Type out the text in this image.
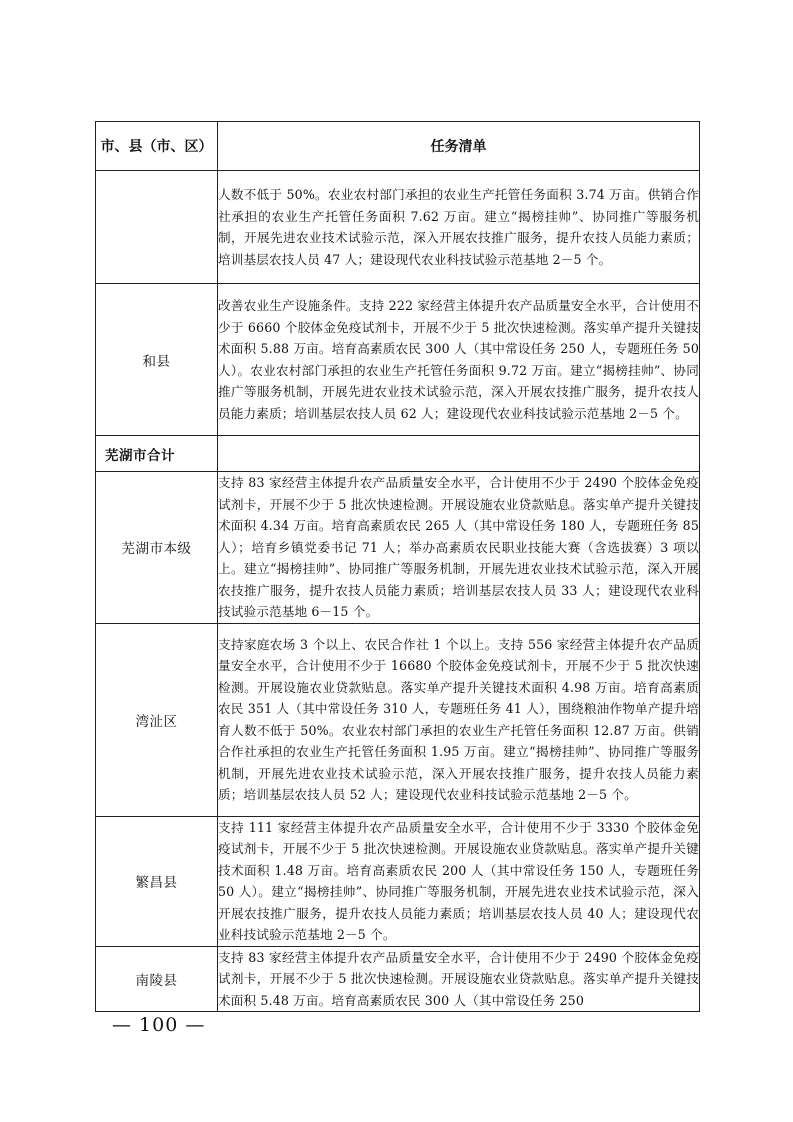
市、县（市、区）	任务清单
	人数不低于 50%。农业农村部门承担的农业生产托管任务面积 3.74 万亩。供销合作社承担的农业生产托管任务面积 7.62 万亩。建立“揭榜挂帅”、协同推广等服务机制，开展先进农业技术试验示范，深入开展农技推广服务，提升农技人员能力素质；培训基层农技人员 47 人；建设现代农业科技试验示范基地 2－5 个。
和县	改善农业生产设施条件。支持 222 家经营主体提升农产品质量安全水平，合计使用不少于 6660 个胶体金免疫试剂卡，开展不少于 5 批次快速检测。落实单产提升关键技术面积 5.88 万亩。培育高素质农民 300 人（其中常设任务 250 人，专题班任务 50 人）。农业农村部门承担的农业生产托管任务面积 9.72 万亩。建立“揭榜挂帅”、协同推广等服务机制，开展先进农业技术试验示范，深入开展农技推广服务，提升农技人员能力素质；培训基层农技人员 62 人；建设现代农业科技试验示范基地 2－5 个。
芜湖市合计	
芜湖市本级	支持 83 家经营主体提升农产品质量安全水平，合计使用不少于 2490 个胶体金免疫试剂卡，开展不少于 5 批次快速检测。开展设施农业贷款贴息。落实单产提升关键技术面积 4.34 万亩。培育高素质农民 265 人（其中常设任务 180 人，专题班任务 85 人）；培育乡镇党委书记 71 人；举办高素质农民职业技能大赛（含选拔赛）3 项以上。建立“揭榜挂帅”、协同推广等服务机制，开展先进农业技术试验示范，深入开展农技推广服务，提升农技人员能力素质；培训基层农技人员 33 人；建设现代农业科技试验示范基地 6－15 个。
湾沚区	支持家庭农场 3 个以上、农民合作社 1 个以上。支持 556 家经营主体提升农产品质量安全水平，合计使用不少于 16680 个胶体金免疫试剂卡，开展不少于 5 批次快速检测。开展设施农业贷款贴息。落实单产提升关键技术面积 4.98 万亩。培育高素质农民 351 人（其中常设任务 310 人，专题班任务 41 人），围绕粮油作物单产提升培育人数不低于 50%。农业农村部门承担的农业生产托管任务面积 12.87 万亩。供销合作社承担的农业生产托管任务面积 1.95 万亩。建立“揭榜挂帅”、协同推广等服务机制，开展先进农业技术试验示范，深入开展农技推广服务，提升农技人员能力素质；培训基层农技人员 52 人；建设现代农业科技试验示范基地 2－5 个。
繁昌县	支持 111 家经营主体提升农产品质量安全水平，合计使用不少于 3330 个胶体金免疫试剂卡，开展不少于 5 批次快速检测。开展设施农业贷款贴息。落实单产提升关键技术面积 1.48 万亩。培育高素质农民 200 人（其中常设任务 150 人，专题班任务 50 人）。建立“揭榜挂帅”、协同推广等服务机制，开展先进农业技术试验示范，深入开展农技推广服务，提升农技人员能力素质；培训基层农技人员 40 人；建设现代农业科技试验示范基地 2－5 个。
南陵县	支持 83 家经营主体提升农产品质量安全水平，合计使用不少于 2490 个胶体金免疫试剂卡，开展不少于 5 批次快速检测。开展设施农业贷款贴息。落实单产提升关键技术面积 5.48 万亩。培育高素质农民 300 人（其中常设任务 250
— 100 —
